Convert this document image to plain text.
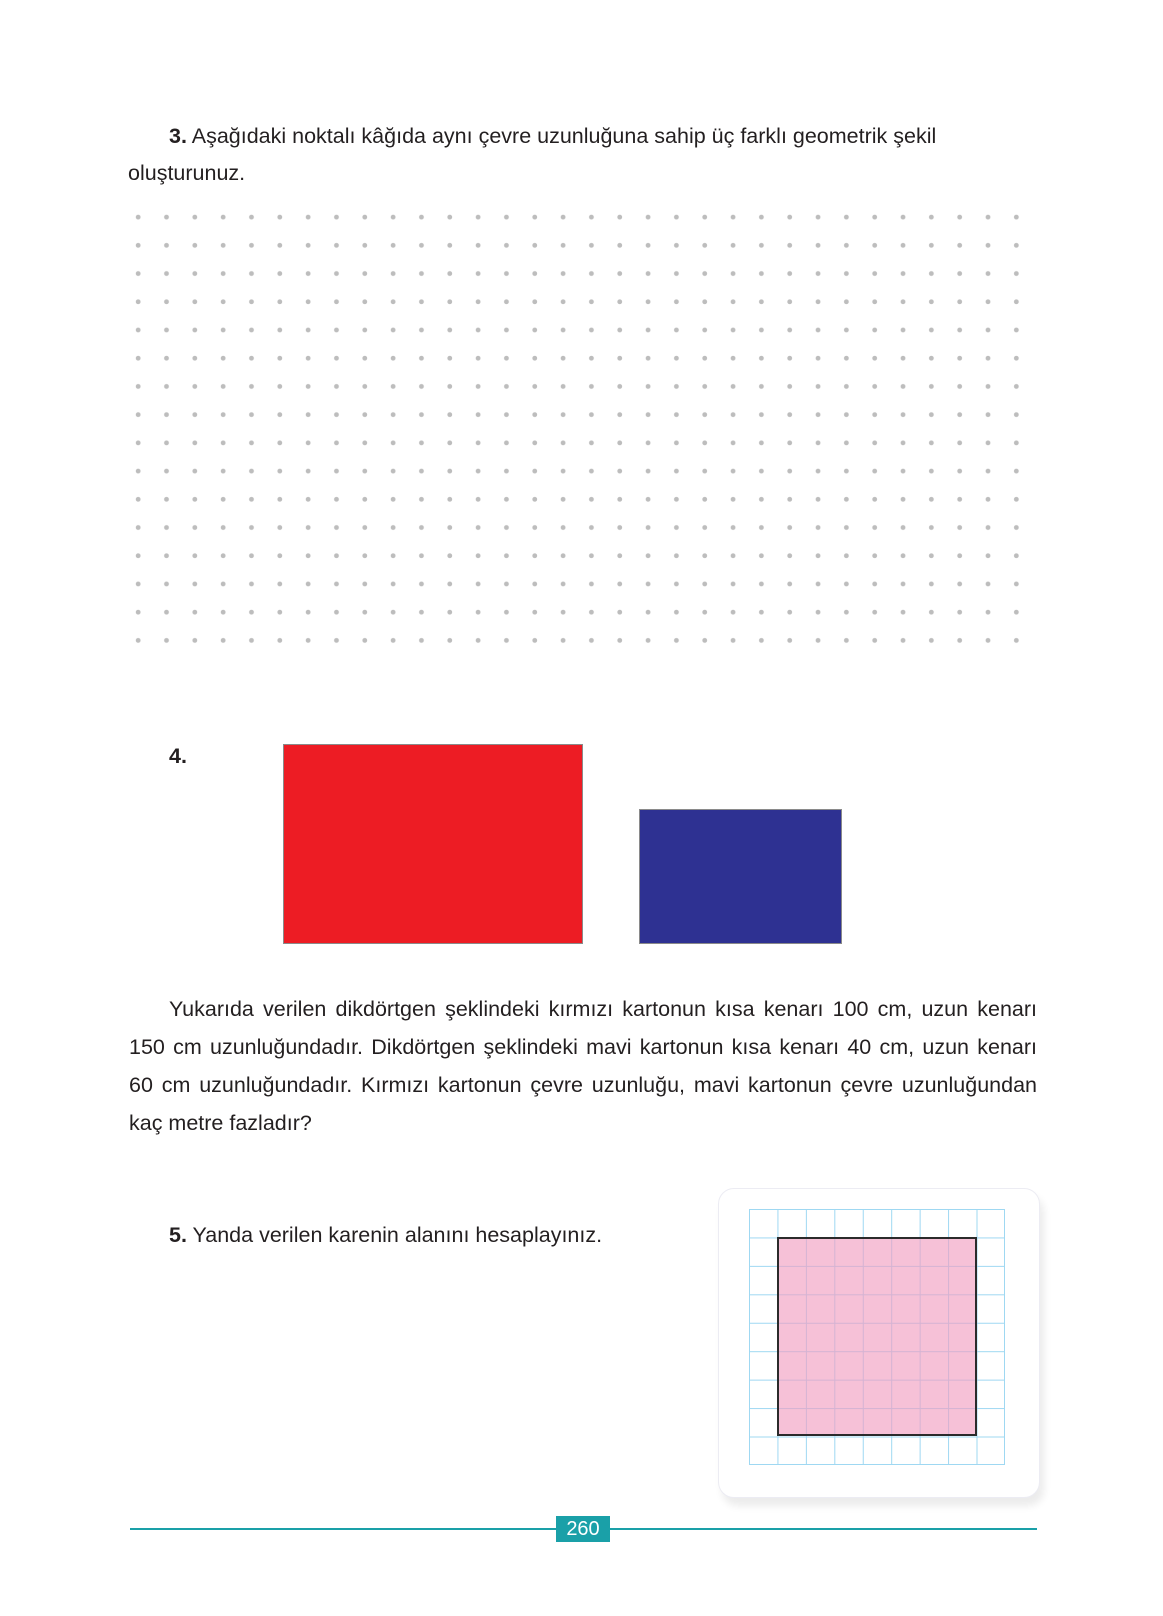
3. Aşağıdaki noktalı kâğıda aynı çevre uzunluğuna sahip üç farklı geometrik şekil oluşturunuz.
4.
Yukarıda verilen dikdörtgen şeklindeki kırmızı kartonun kısa kenarı 100 cm, uzun kenarı 150 cm uzunluğundadır. Dikdörtgen şeklindeki mavi kartonun kısa kenarı 40 cm, uzun kenarı 60 cm uzunluğundadır. Kırmızı kartonun çevre uzunluğu, mavi kartonun çevre uzunluğundan kaç metre fazladır?
5. Yanda verilen karenin alanını hesaplayınız.
260
